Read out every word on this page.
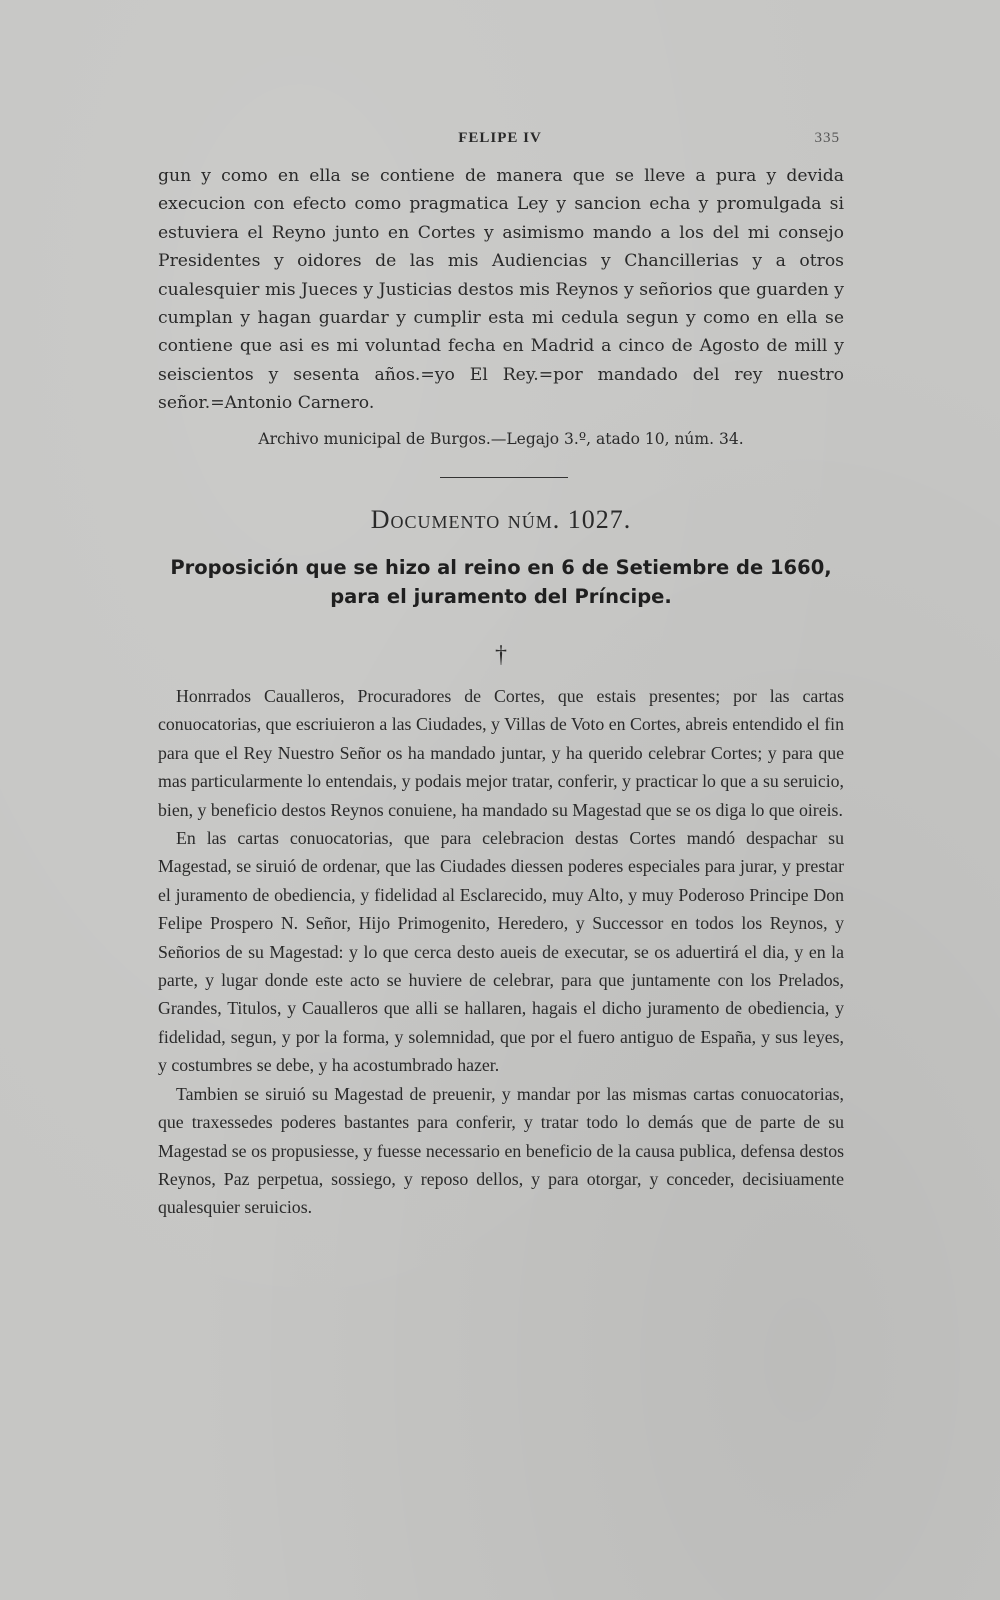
FELIPE IV	335
gun y como en ella se contiene de manera que se lleve a pura y devida execucion con efecto como pragmatica Ley y sancion echa y promulgada si estuviera el Reyno junto en Cortes y asimismo mando a los del mi consejo Presidentes y oidores de las mis Audiencias y Chancillerias y a otros cualesquier mis Jueces y Justicias destos mis Reynos y señorios que guarden y cumplan y hagan guardar y cumplir esta mi cedula segun y como en ella se contiene que asi es mi voluntad fecha en Madrid a cinco de Agosto de mill y seiscientos y sesenta años.=yo El Rey.=por mandado del rey nuestro señor.=Antonio Carnero.
Archivo municipal de Burgos.—Legajo 3.º, atado 10, núm. 34.
Documento núm. 1027.
Proposición que se hizo al reino en 6 de Setiembre de 1660,
para el juramento del Príncipe.
†

Honrrados Caualleros, Procuradores de Cortes, que estais presentes; por las cartas conuocatorias, que escriuieron a las Ciudades, y Villas de Voto en Cortes, abreis entendido el fin para que el Rey Nuestro Señor os ha mandado juntar, y ha querido celebrar Cortes; y para que mas particularmente lo entendais, y podais mejor tratar, conferir, y practicar lo que a su seruicio, bien, y beneficio destos Reynos conuiene, ha mandado su Magestad que se os diga lo que oireis.

En las cartas conuocatorias, que para celebracion destas Cortes mandó despachar su Magestad, se siruió de ordenar, que las Ciudades diessen poderes especiales para jurar, y prestar el juramento de obediencia, y fidelidad al Esclarecido, muy Alto, y muy Poderoso Principe Don Felipe Prospero N. Señor, Hijo Primogenito, Heredero, y Successor en todos los Reynos, y Señorios de su Magestad: y lo que cerca desto aueis de executar, se os aduertirá el dia, y en la parte, y lugar donde este acto se huviere de celebrar, para que juntamente con los Prelados, Grandes, Titulos, y Caualleros que alli se hallaren, hagais el dicho juramento de obediencia, y fidelidad, segun, y por la forma, y solemnidad, que por el fuero antiguo de España, y sus leyes, y costumbres se debe, y ha acostumbrado hazer.

Tambien se siruió su Magestad de preuenir, y mandar por las mismas cartas conuocatorias, que traxessedes poderes bastantes para conferir, y tratar todo lo demás que de parte de su Magestad se os propusiesse, y fuesse necessario en beneficio de la causa publica, defensa destos Reynos, Paz perpetua, sossiego, y reposo dellos, y para otorgar, y conceder, decisiuamente qualesquier seruicios.
